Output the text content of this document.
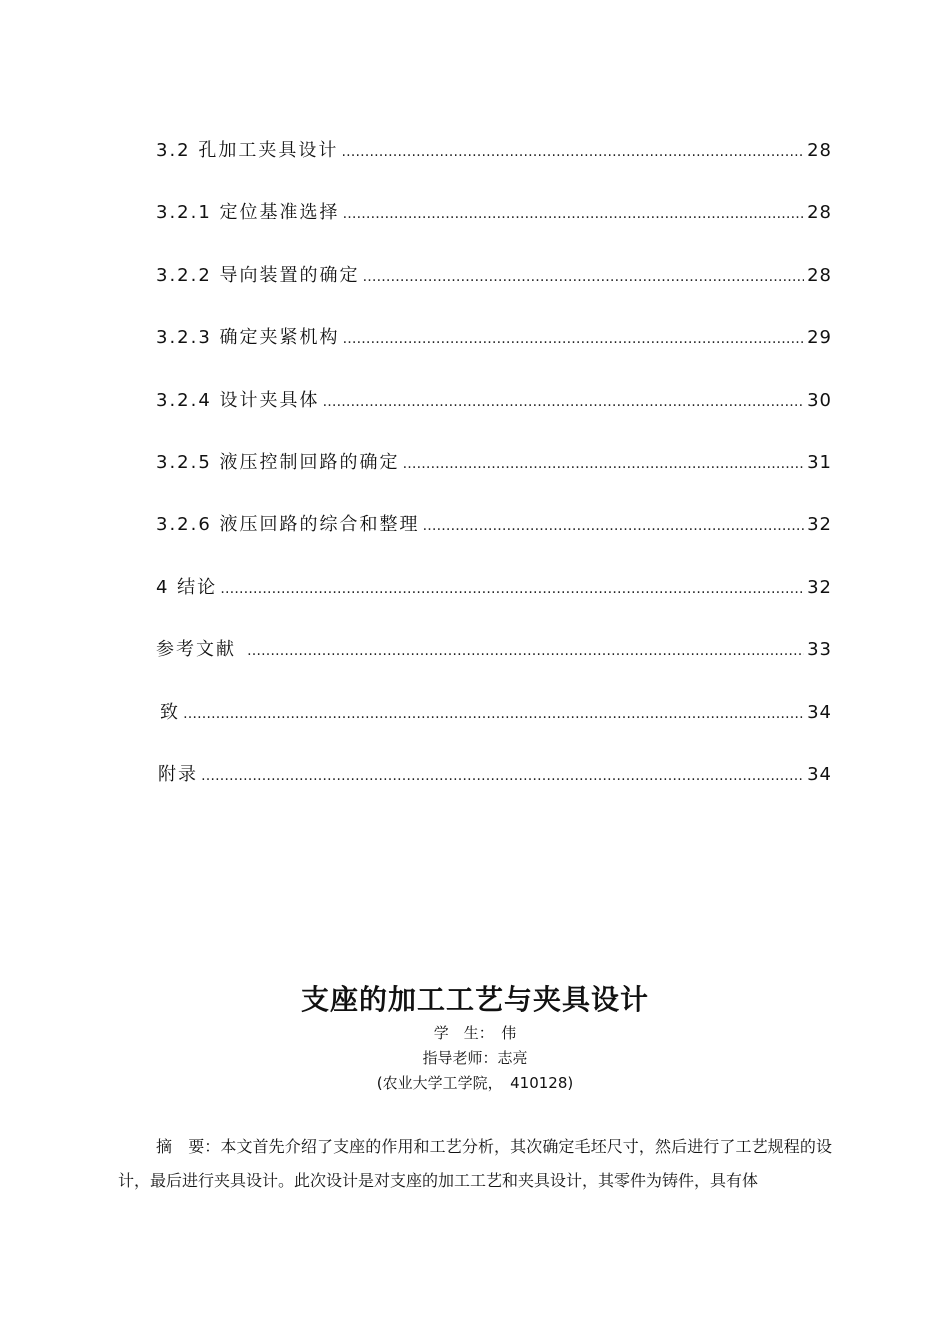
3.2 孔加工夹具设计 …………………………………………………………………………………………………………………………………………………………	28
3.2.1 定位基准选择 …………………………………………………………………………………………………………………………………………………………	28
3.2.2 导向装置的确定 …………………………………………………………………………………………………………………………………………………………	28
3.2.3 确定夹紧机构 …………………………………………………………………………………………………………………………………………………………	29
3.2.4 设计夹具体 …………………………………………………………………………………………………………………………………………………………	30
3.2.5 液压控制回路的确定 …………………………………………………………………………………………………………………………………………………………	31
3.2.6 液压回路的综合和整理 …………………………………………………………………………………………………………………………………………………………	32
4 结论 …………………………………………………………………………………………………………………………………………………………	32
参考文献 …………………………………………………………………………………………………………………………………………………………	33
致 …………………………………………………………………………………………………………………………………………………………	34
附录 …………………………………………………………………………………………………………………………………………………………	34
支座的加工工艺与夹具设计
学　生：　伟
指导老师：志亮
(农业大学工学院，　410128)
摘　要：本文首先介绍了支座的作用和工艺分析，其次确定毛坯尺寸，然后进行了工艺规程的设计，最后进行夹具设计。此次设计是对支座的加工工艺和夹具设计，其零件为铸件，具有体
